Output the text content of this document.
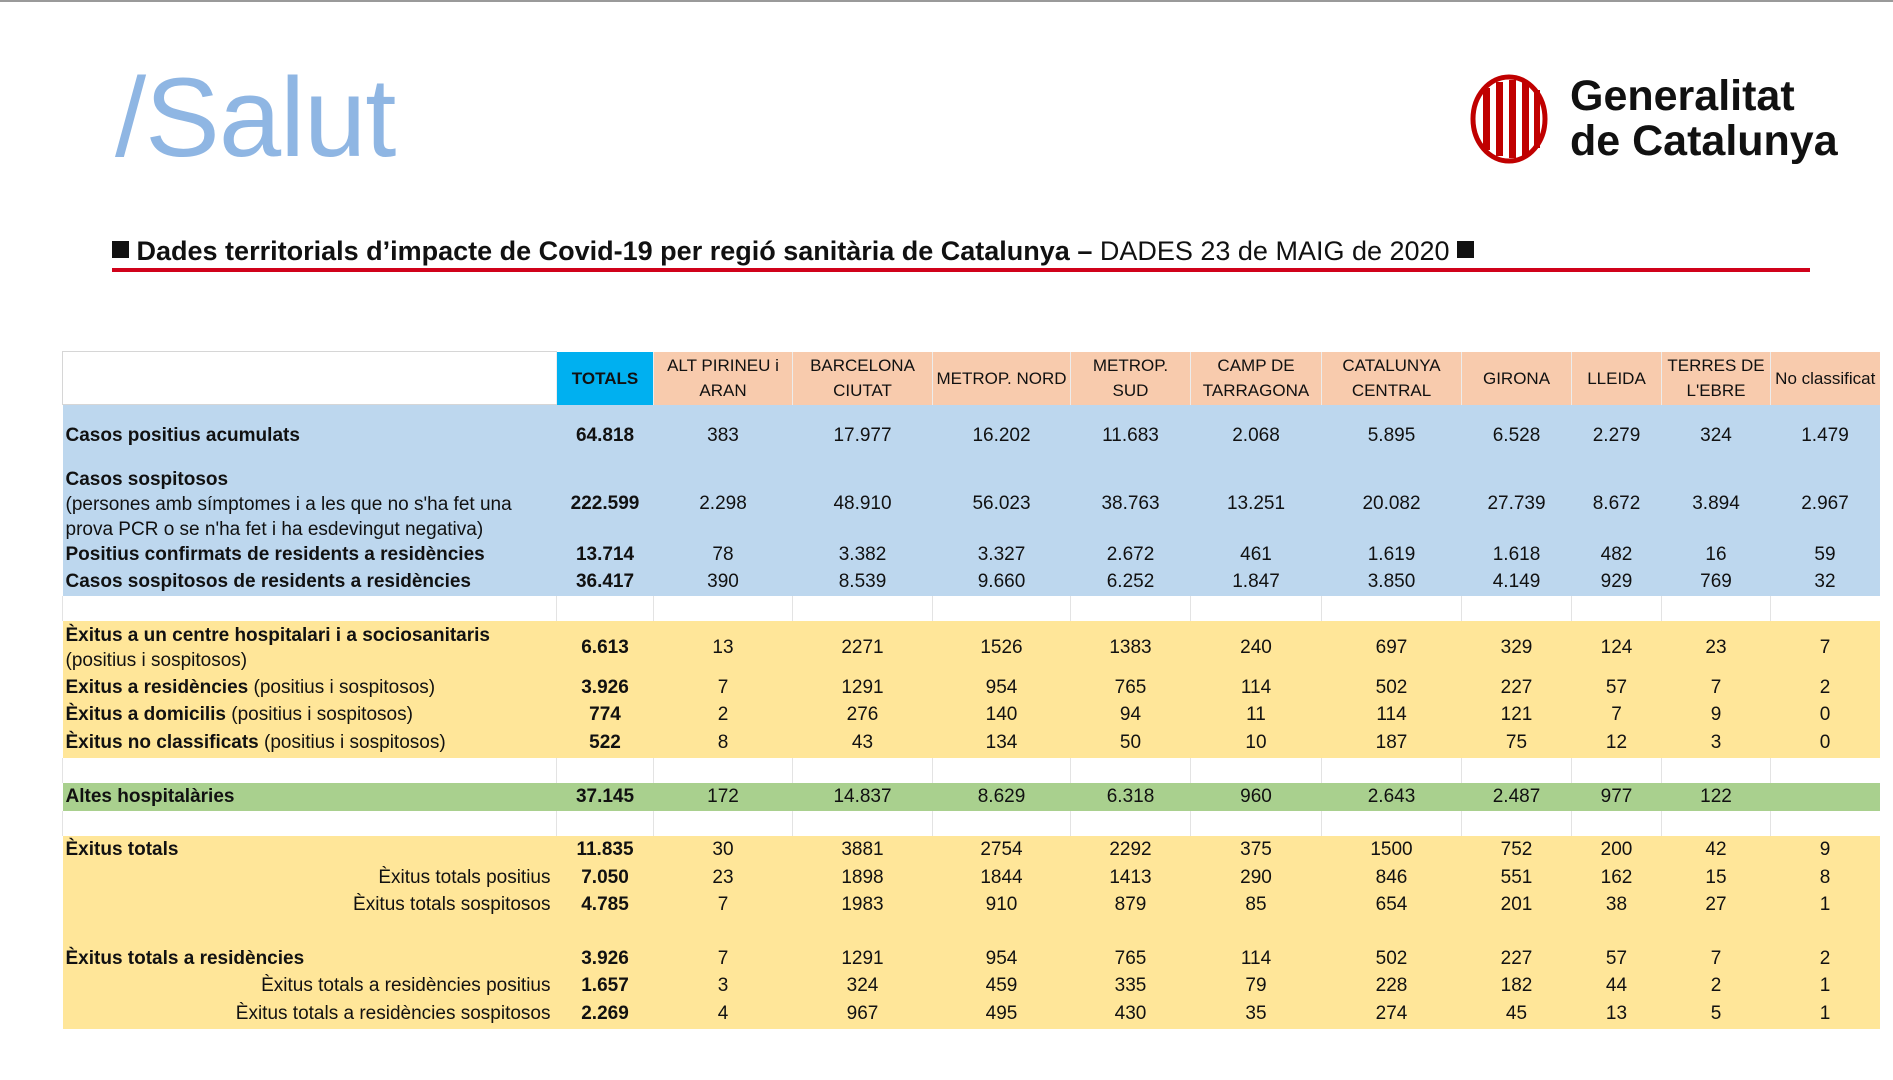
/Salut	Generalitat
de Catalunya
Dades territorials d’impacte de Covid-19 per regió sanitària de Catalunya – DADES 23 de MAIG de 2020
	TOTALS	ALT PIRINEU i ARAN	BARCELONA CIUTAT	METROP. NORD	METROP. SUD	CAMP DE TARRAGONA	CATALUNYA CENTRAL	GIRONA	LLEIDA	TERRES DE L'EBRE	No classificat
Casos positius acumulats	64.818	383	17.977	16.202	11.683	2.068	5.895	6.528	2.279	324	1.479

Casos sospitosos
(persones amb símptomes i a les que no s'ha fet una prova PCR o se n'ha fet i ha esdevingut negativa)	222.599	2.298	48.910	56.023	38.763	13.251	20.082	27.739	8.672	3.894	2.967
Positius confirmats de residents a residències	13.714	78	3.382	3.327	2.672	461	1.619	1.618	482	16	59
Casos sospitosos de residents a residències	36.417	390	8.539	9.660	6.252	1.847	3.850	4.149	929	769	32

Èxitus a un centre hospitalari i a sociosanitaris
(positius i sospitosos)	6.613	13	2271	1526	1383	240	697	329	124	23	7
Exitus a residències (positius i sospitosos)	3.926	7	1291	954	765	114	502	227	57	7	2
Èxitus a domicilis (positius i sospitosos)	774	2	276	140	94	11	114	121	7	9	0
Èxitus no classificats (positius i sospitosos)	522	8	43	134	50	10	187	75	12	3	0

Altes hospitalàries	37.145	172	14.837	8.629	6.318	960	2.643	2.487	977	122	

Èxitus totals	11.835	30	3881	2754	2292	375	1500	752	200	42	9
Èxitus totals positius	7.050	23	1898	1844	1413	290	846	551	162	15	8
Èxitus totals sospitosos	4.785	7	1983	910	879	85	654	201	38	27	1

Èxitus totals a residències	3.926	7	1291	954	765	114	502	227	57	7	2
Èxitus totals a residències positius	1.657	3	324	459	335	79	228	182	44	2	1
Èxitus totals a residències sospitosos	2.269	4	967	495	430	35	274	45	13	5	1
